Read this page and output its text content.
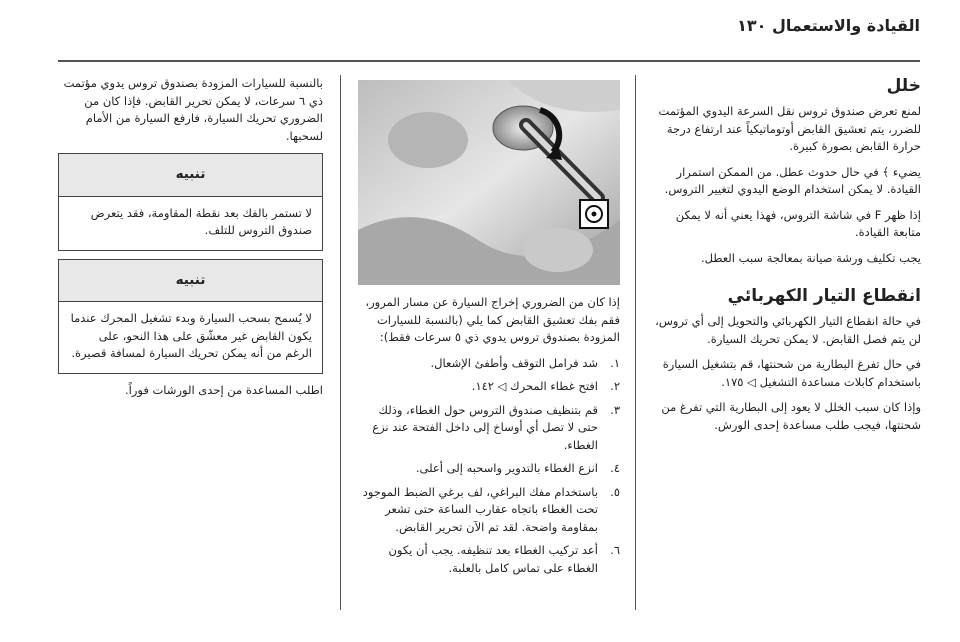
القيادة والاستعمال ١٣٠
خلل

لمنع تعرض صندوق تروس نقل السرعة اليدوي المؤتمت للضرر، يتم تعشيق القابض أوتوماتيكياً عند ارتفاع درجة حرارة القابض بصورة كبيرة.

يضيء ﴾ في حال حدوث عطل. من الممكن استمرار القيادة. لا يمكن استخدام الوضع اليدوي لتغيير التروس.

إذا ظهر F في شاشة التروس، فهذا يعني أنه لا يمكن متابعة القيادة.

يجب تكليف ورشة صيانة بمعالجة سبب العطل.

انقطاع التيار الكهربائي

في حالة انقطاع التيار الكهربائي والتحويل إلى أي تروس، لن يتم فصل القابض. لا يمكن تحريك السيارة.

في حال تفرغ البطارية من شحنتها، قم بتشغيل السيارة باستخدام كابلات مساعدة التشغيل ◁ ١٧٥.

وإذا كان سبب الخلل لا يعود إلى البطارية التي تفرغ من شحنتها، فيجب طلب مساعدة إحدى الورش.

إذا كان من الضروري إخراج السيارة عن مسار المرور، فقم بفك تعشيق القابض كما يلي (بالنسبة للسيارات المزودة بصندوق تروس يدوي ذي ٥ سرعات فقط):

١.
شد فرامل التوقف وأطفئ الإشعال.
٢.
افتح غطاء المحرك ◁ ١٤٢.
٣.
قم بتنظيف صندوق التروس حول الغطاء، وذلك حتى لا تصل أي أوساخ إلى داخل الفتحة عند نزع الغطاء.
٤.
انزع الغطاء بالتدوير واسحبه إلى أعلى.
٥.
باستخدام مفك البراغي، لف برغي الضبط الموجود تحت الغطاء باتجاه عقارب الساعة حتى تشعر بمقاومة واضحة. لقد تم الآن تحرير القابض.
٦.
أعد تركيب الغطاء بعد تنظيفه. يجب أن يكون الغطاء على تماس كامل بالعلبة.

بالنسبة للسيارات المزودة بصندوق تروس يدوي مؤتمت ذي ٦ سرعات، لا يمكن تحرير القابض. فإذا كان من الضروري تحريك السيارة، فارفع السيارة من الأمام لسحبها.

تنبيه
لا تستمر بالفك بعد نقطة المقاومة، فقد يتعرض صندوق التروس للتلف.
تنبيه
لا يُسمح بسحب السيارة وبدء تشغيل المحرك عندما يكون القابض غير معشّق على هذا النحو، على الرغم من أنه يمكن تحريك السيارة لمسافة قصيرة.

اطلب المساعدة من إحدى الورشات فوراً.
